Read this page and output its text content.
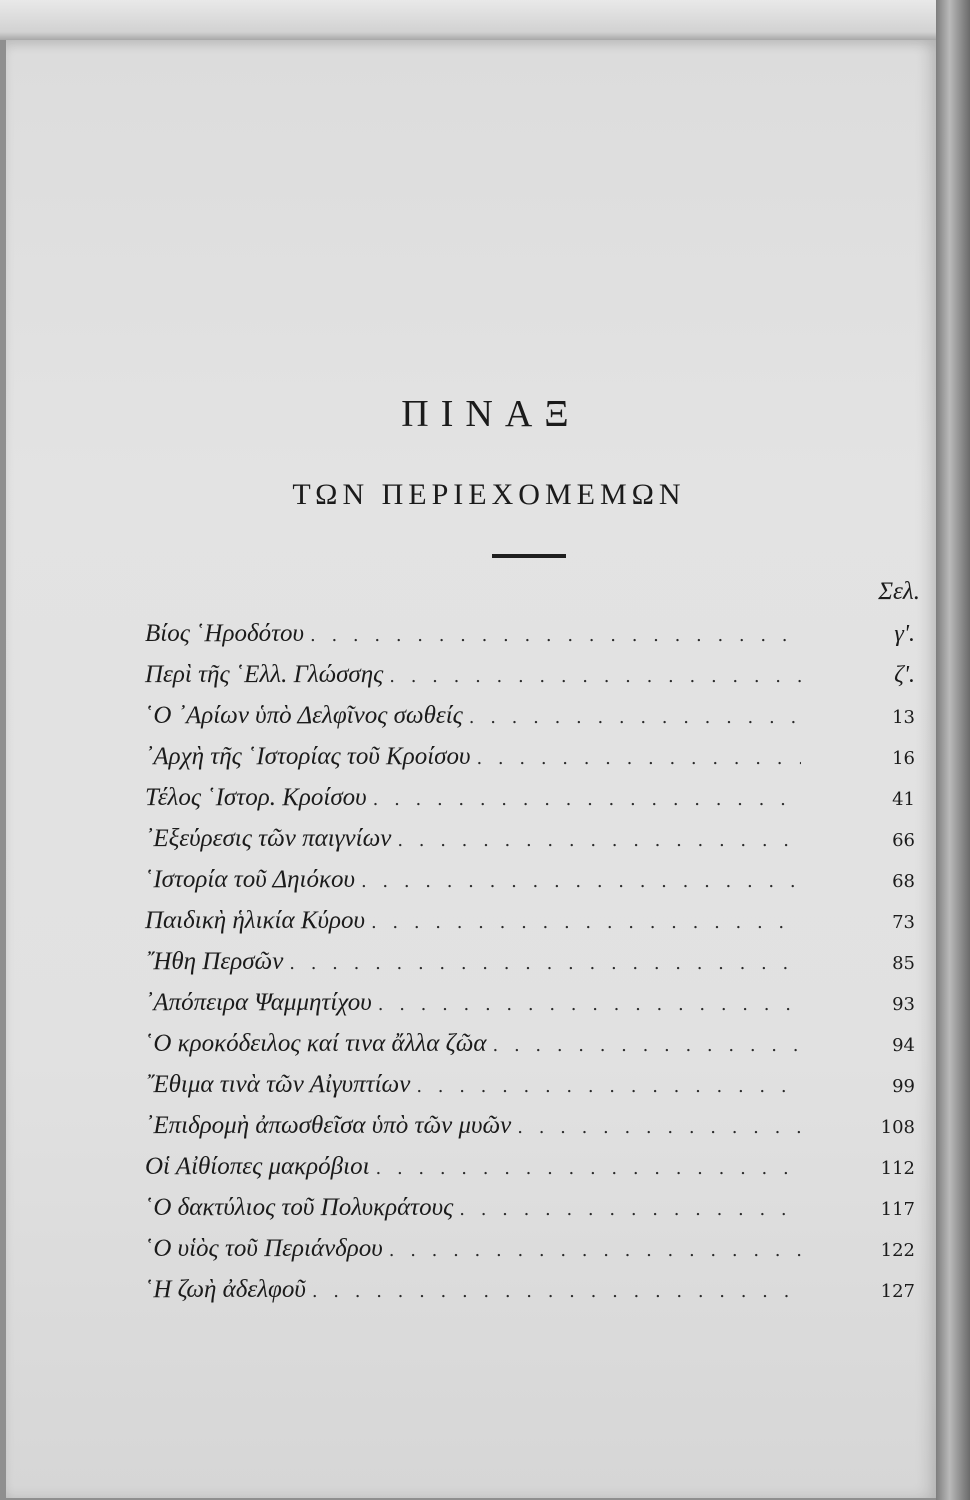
ΠΙΝΑΞ
ΤΩΝ ΠΕΡΙΕΧΟΜΕΜΩΝ
Σελ.
Βίος ῾Ηροδότου . . .	γ'.
Περὶ τῆς ῾Ελλ. Γλώσσης . . .	ζ'.
῾Ο ᾿Αρίων ὑπὸ Δελφῖνος σωθείς . . .	13
᾿Αρχὴ τῆς ῾Ιστορίας τοῦ Κροίσου . . .	16
Τέλος ῾Ιστορ. Κροίσου . . .	41
᾿Εξεύρεσις τῶν παιγνίων . . .	66
῾Ιστορία τοῦ Δηιόκου . . .	68
Παιδικὴ ἡλικία Κύρου . . .	73
῎Ηθη Περσῶν . . .	85
᾿Απόπειρα Ψαμμητίχου . . .	93
῾Ο κροκόδειλος καί τινα ἄλλα ζῶα . . .	94
῎Εθιμα τινὰ τῶν Αἰγυπτίων . . .	99
᾿Επιδρομὴ ἀπωσθεῖσα ὑπὸ τῶν μυῶν . . .	108
Οἱ Αἰθίοπες μακρόβιοι . . .	112
῾Ο δακτύλιος τοῦ Πολυκράτους . . .	117
῾Ο υἱὸς τοῦ Περιάνδρου . . .	122
῾Η ζωὴ ἀδελφοῦ . . .	127
